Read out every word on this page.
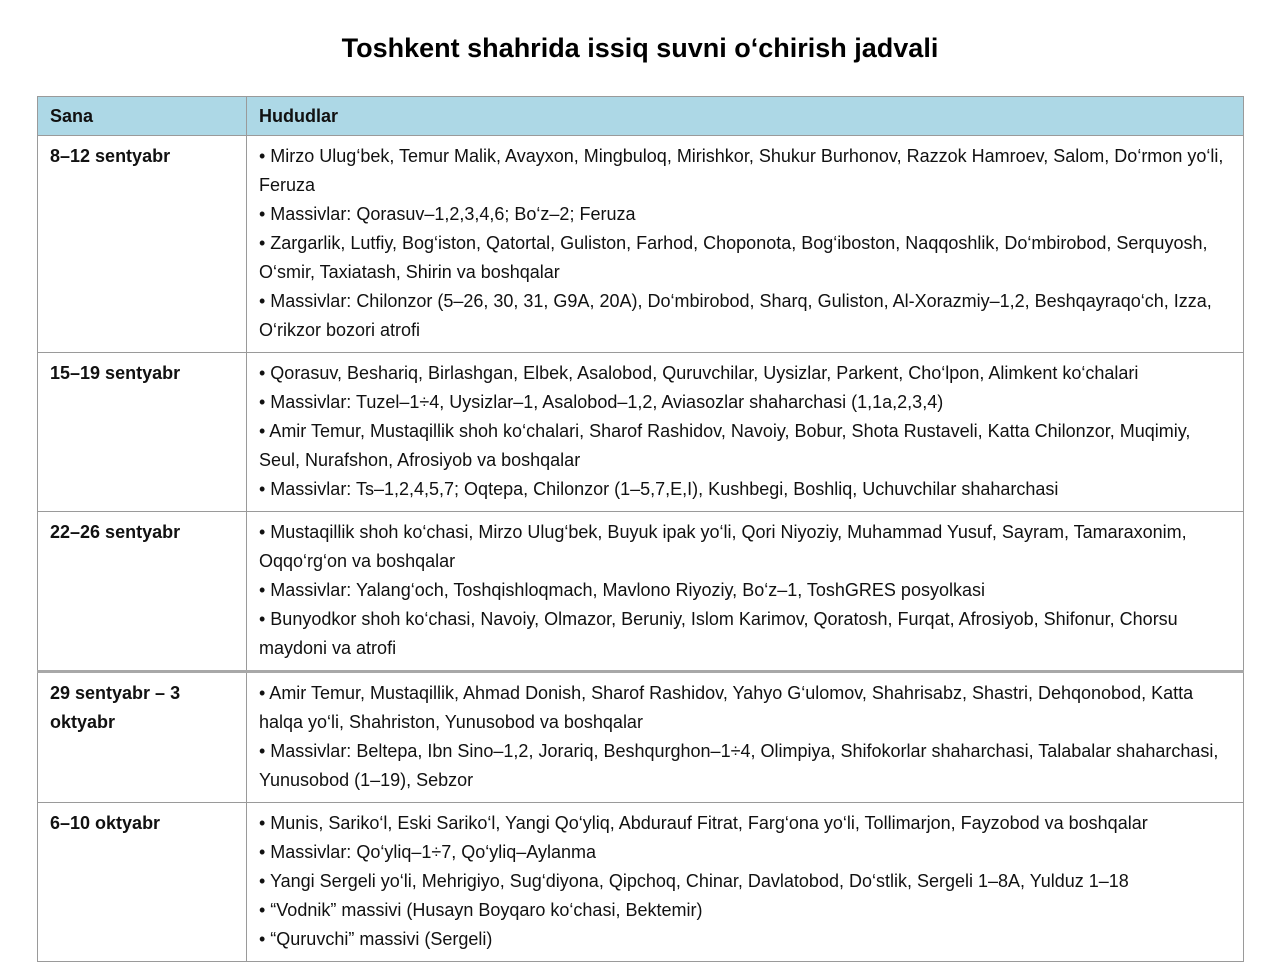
Toshkent shahrida issiq suvni o‘chirish jadvali
Sana	Hududlar
8–12 sentyabr	• Mirzo Ulug‘bek, Temur Malik, Avayxon, Mingbuloq, Mirishkor, Shukur Burhonov, Razzok Hamroev, Salom, Do‘rmon yo‘li, Feruza
• Massivlar: Qorasuv–1,2,3,4,6; Bo‘z–2; Feruza
• Zargarlik, Lutfiy, Bog‘iston, Qatortal, Guliston, Farhod, Choponota, Bog‘iboston, Naqqoshlik, Do‘mbirobod, Serquyosh, O‘smir, Taxiatash, Shirin va boshqalar
• Massivlar: Chilonzor (5–26, 30, 31, G9A, 20A), Do‘mbirobod, Sharq, Guliston, Al-Xorazmiy–1,2, Beshqayraqo‘ch, Izza, O‘rikzor bozori atrofi

15–19 sentyabr	• Qorasuv, Beshariq, Birlashgan, Elbek, Asalobod, Quruvchilar, Uysizlar, Parkent, Cho‘lpon, Alimkent ko‘chalari
• Massivlar: Tuzel–1÷4, Uysizlar–1, Asalobod–1,2, Aviasozlar shaharchasi (1,1a,2,3,4)
• Amir Temur, Mustaqillik shoh ko‘chalari, Sharof Rashidov, Navoiy, Bobur, Shota Rustaveli, Katta Chilonzor, Muqimiy, Seul, Nurafshon, Afrosiyob va boshqalar
• Massivlar: Ts–1,2,4,5,7; Oqtepa, Chilonzor (1–5,7,E,I), Kushbegi, Boshliq, Uchuvchilar shaharchasi

22–26 sentyabr	• Mustaqillik shoh ko‘chasi, Mirzo Ulug‘bek, Buyuk ipak yo‘li, Qori Niyoziy, Muhammad Yusuf, Sayram, Tamaraxonim, Oqqo‘rg‘on va boshqalar
• Massivlar: Yalang‘och, Toshqishloqmach, Mavlono Riyoziy, Bo‘z–1, ToshGRES posyolkasi
• Bunyodkor shoh ko‘chasi, Navoiy, Olmazor, Beruniy, Islom Karimov, Qoratosh, Furqat, Afrosiyob, Shifonur, Chorsu maydoni va atrofi

29 sentyabr – 3 oktyabr	• Amir Temur, Mustaqillik, Ahmad Donish, Sharof Rashidov, Yahyo G‘ulomov, Shahrisabz, Shastri, Dehqonobod, Katta halqa yo‘li, Shahriston, Yunusobod va boshqalar
• Massivlar: Beltepa, Ibn Sino–1,2, Jorariq, Beshqurghon–1÷4, Olimpiya, Shifokorlar shaharchasi, Talabalar shaharchasi, Yunusobod (1–19), Sebzor

6–10 oktyabr	• Munis, Sariko‘l, Eski Sariko‘l, Yangi Qo‘yliq, Abdurauf Fitrat, Farg‘ona yo‘li, Tollimarjon, Fayzobod va boshqalar
• Massivlar: Qo‘yliq–1÷7, Qo‘yliq–Aylanma
• Yangi Sergeli yo‘li, Mehrigiyo, Sug‘diyona, Qipchoq, Chinar, Davlatobod, Do‘stlik, Sergeli 1–8A, Yulduz 1–18
• “Vodnik” massivi (Husayn Boyqaro ko‘chasi, Bektemir)
• “Quruvchi” massivi (Sergeli)
